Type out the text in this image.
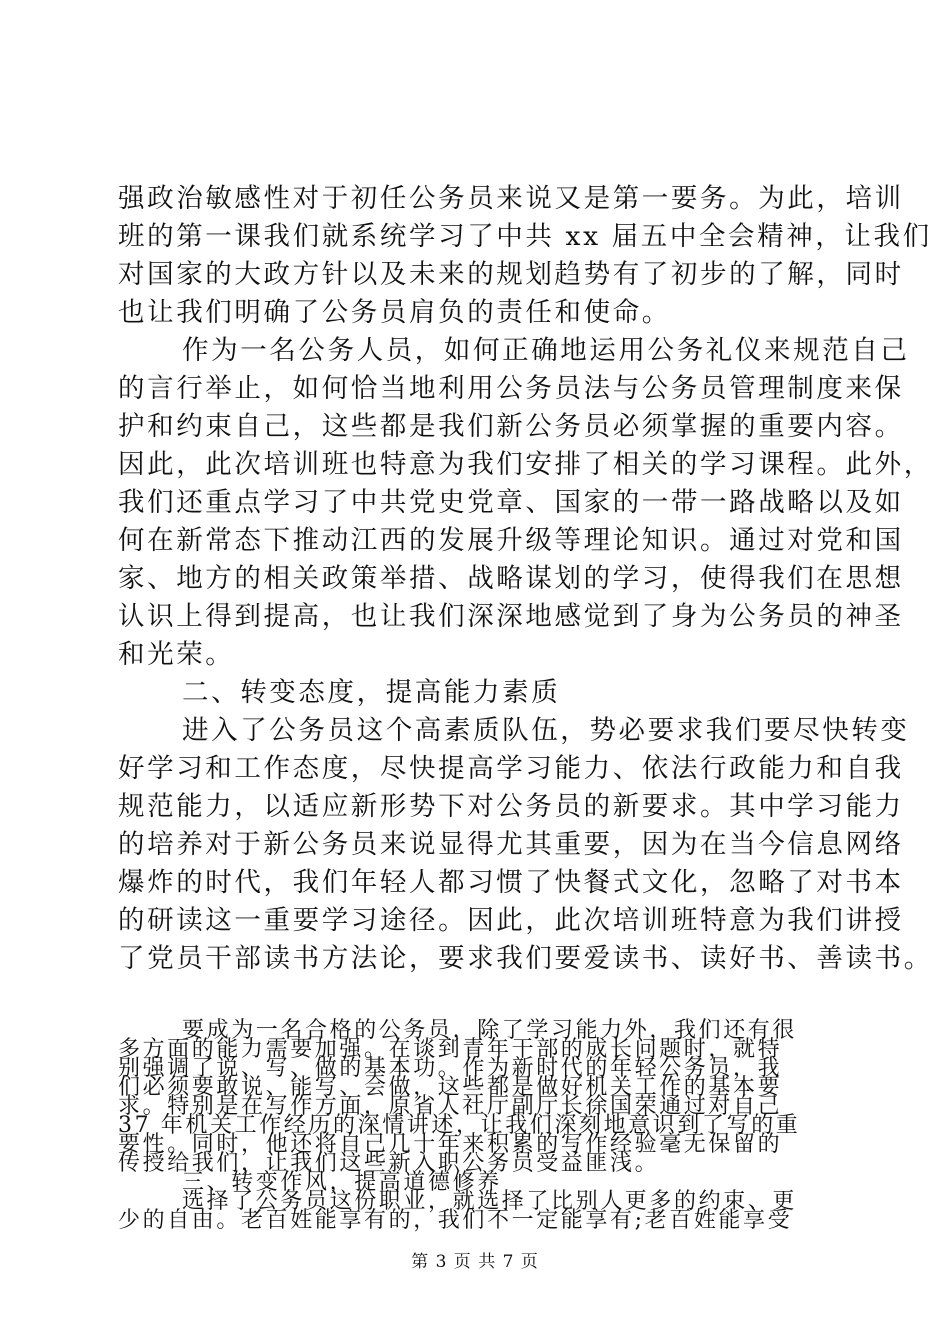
强政治敏感性对于初任公务员来说又是第一要务。为此，培训
班的第一课我们就系统学习了中共 xx 届五中全会精神，让我们
对国家的大政方针以及未来的规划趋势有了初步的了解，同时
也让我们明确了公务员肩负的责任和使命。
作为一名公务人员，如何正确地运用公务礼仪来规范自己
的言行举止，如何恰当地利用公务员法与公务员管理制度来保
护和约束自己，这些都是我们新公务员必须掌握的重要内容。
因此，此次培训班也特意为我们安排了相关的学习课程。此外，
我们还重点学习了中共党史党章、国家的一带一路战略以及如
何在新常态下推动江西的发展升级等理论知识。通过对党和国
家、地方的相关政策举措、战略谋划的学习，使得我们在思想
认识上得到提高，也让我们深深地感觉到了身为公务员的神圣
和光荣。
二、转变态度，提高能力素质
进入了公务员这个高素质队伍，势必要求我们要尽快转变
好学习和工作态度，尽快提高学习能力、依法行政能力和自我
规范能力，以适应新形势下对公务员的新要求。其中学习能力
的培养对于新公务员来说显得尤其重要，因为在当今信息网络
爆炸的时代，我们年轻人都习惯了快餐式文化，忽略了对书本
的研读这一重要学习途径。因此，此次培训班特意为我们讲授
了党员干部读书方法论，要求我们要爱读书、读好书、善读书。
要成为一名合格的公务员，除了学习能力外，我们还有很
多方面的能力需要加强。在谈到青年干部的成长问题时，就特
别强调了说、写、做的基本功。作为新时代的年轻公务员，我
们必须要敢说、能写、会做，这些都是做好机关工作的基本要
求。特别是在写作方面，原省人社厅副厅长徐国荣通过对自己
37 年机关工作经历的深情讲述，让我们深刻地意识到了写的重
要性。同时，他还将自己几十年来积累的写作经验毫无保留的
传授给我们，让我们这些新入职公务员受益匪浅。
三、转变作风，提高道德修养
选择了公务员这份职业，就选择了比别人更多的约束、更
少的自由。老百姓能享有的，我们不一定能享有;老百姓能享受
第 3 页 共 7 页
